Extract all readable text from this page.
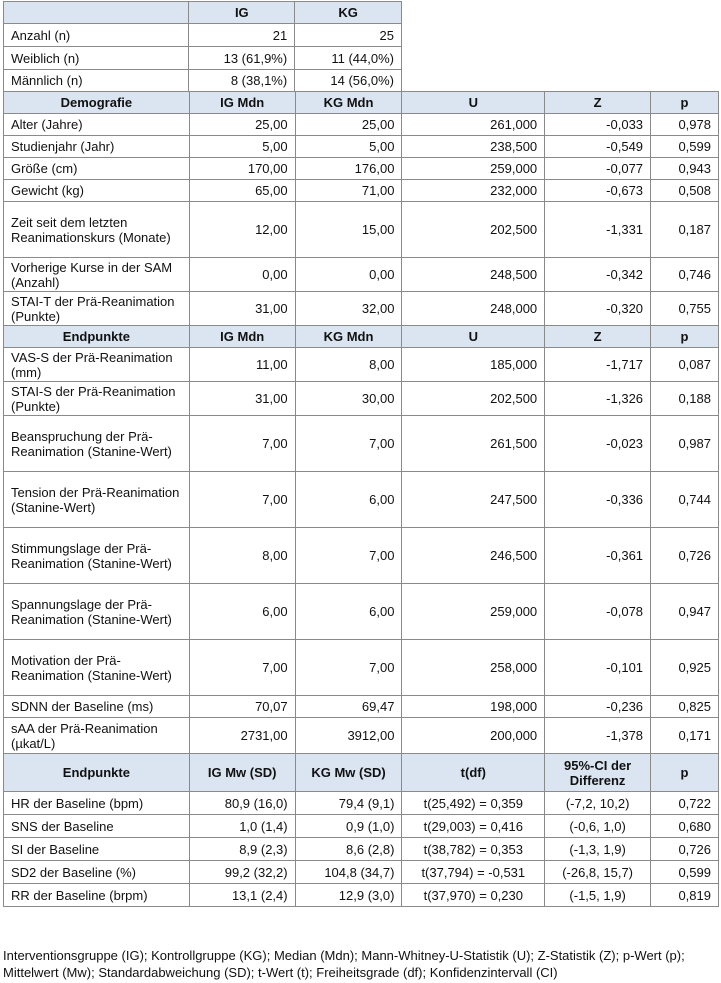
	IG	KG
Anzahl (n)	21	25
Weiblich (n)	13 (61,9%)	11 (44,0%)
Männlich (n)	8 (38,1%)	14 (56,0%)
Demografie	IG Mdn	KG Mdn	U	Z	p
Alter (Jahre)	25,00	25,00	261,000	-0,033	0,978
Studienjahr (Jahr)	5,00	5,00	238,500	-0,549	0,599
Größe (cm)	170,00	176,00	259,000	-0,077	0,943
Gewicht (kg)	65,00	71,00	232,000	-0,673	0,508
Zeit seit dem letzten Reanimationskurs (Monate)	12,00	15,00	202,500	-1,331	0,187
Vorherige Kurse in der SAM (Anzahl)	0,00	0,00	248,500	-0,342	0,746
STAI-T der Prä-Reanimation (Punkte)	31,00	32,00	248,000	-0,320	0,755
Endpunkte	IG Mdn	KG Mdn	U	Z	p
VAS-S der Prä-Reanimation (mm)	11,00	8,00	185,000	-1,717	0,087
STAI-S der Prä-Reanimation (Punkte)	31,00	30,00	202,500	-1,326	0,188
Beanspruchung der Prä-Reanimation (Stanine-Wert)	7,00	7,00	261,500	-0,023	0,987
Tension der Prä-Reanimation (Stanine-Wert)	7,00	6,00	247,500	-0,336	0,744
Stimmungslage der Prä-Reanimation (Stanine-Wert)	8,00	7,00	246,500	-0,361	0,726
Spannungslage der Prä-Reanimation (Stanine-Wert)	6,00	6,00	259,000	-0,078	0,947
Motivation der Prä-Reanimation (Stanine-Wert)	7,00	7,00	258,000	-0,101	0,925
SDNN der Baseline (ms)	70,07	69,47	198,000	-0,236	0,825
sAA der Prä-Reanimation (µkat/L)	2731,00	3912,00	200,000	-1,378	0,171
Endpunkte	IG Mw (SD)	KG Mw (SD)	t(df)	95%-CI der Differenz	p
HR der Baseline (bpm)	80,9 (16,0)	79,4 (9,1)	t(25,492) = 0,359	(-7,2, 10,2)	0,722
SNS der Baseline	1,0 (1,4)	0,9 (1,0)	t(29,003) = 0,416	(-0,6, 1,0)	0,680
SI der Baseline	8,9 (2,3)	8,6 (2,8)	t(38,782) = 0,353	(-1,3, 1,9)	0,726
SD2 der Baseline (%)	99,2 (32,2)	104,8 (34,7)	t(37,794) = -0,531	(-26,8, 15,7)	0,599
RR der Baseline (brpm)	13,1 (2,4)	12,9 (3,0)	t(37,970) = 0,230	(-1,5, 1,9)	0,819
Interventionsgruppe (IG); Kontrollgruppe (KG); Median (Mdn); Mann-Whitney-U-Statistik (U); Z-Statistik (Z); p-Wert (p); Mittelwert (Mw); Standardabweichung (SD); t-Wert (t); Freiheitsgrade (df); Konfidenzintervall (CI)
